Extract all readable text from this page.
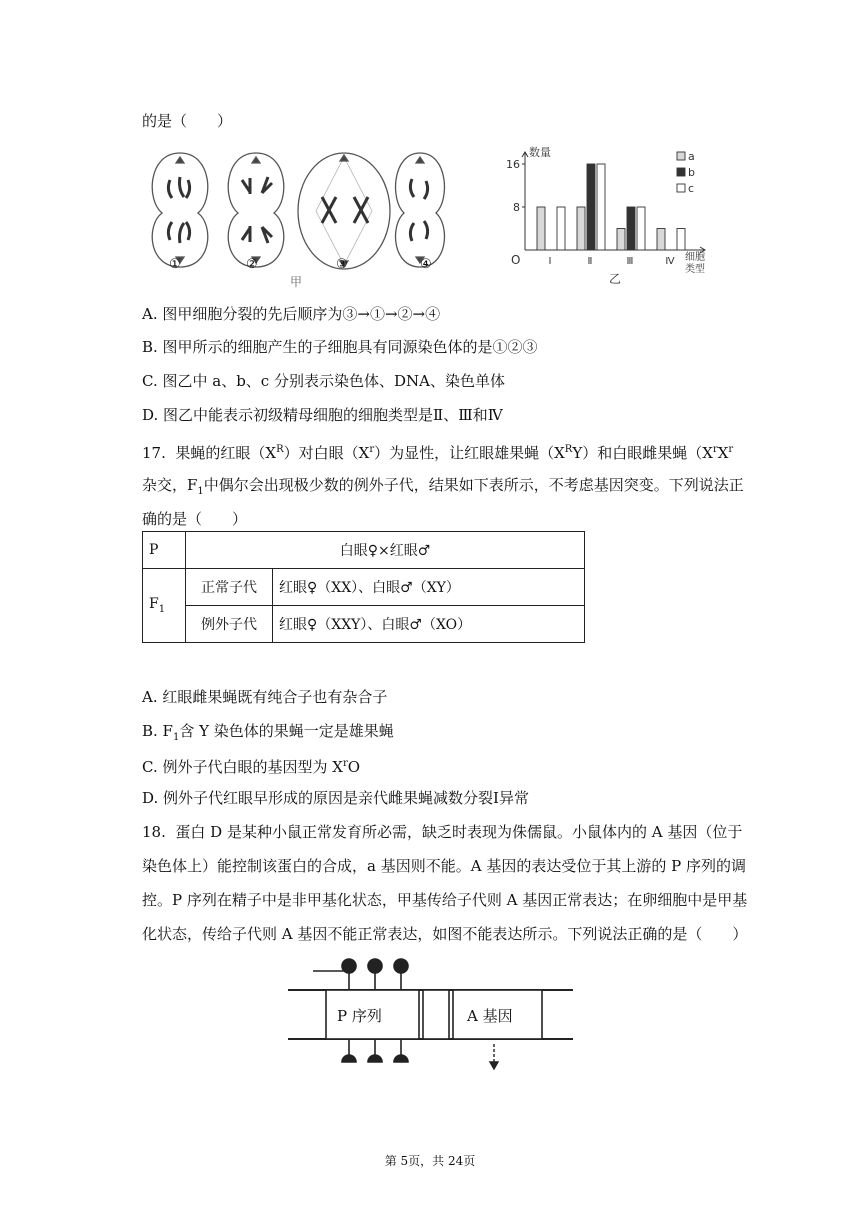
的是（　　）
①	②	③	④
甲
数量
O
8
16
Ⅰ	Ⅱ	Ⅲ	Ⅳ 细胞
类型
乙
a
b
c
A. 图甲细胞分裂的先后顺序为③→①→②→④
B. 图甲所示的细胞产生的子细胞具有同源染色体的是①②③
C. 图乙中 a、b、c 分别表示染色体、DNA、染色单体
D. 图乙中能表示初级精母细胞的细胞类型是Ⅱ、Ⅲ和Ⅳ
17. 果蝇的红眼$(X^R)$对白眼$(X^r)$为显性，让红眼雄果蝇$(X^RY)$和白眼雌果蝇（$X^rX^r$
杂交，$F_1$中偶尔会出现极少数的例外子代，结果如下表所示，不考虑基因突变。下列说法正
确的是（　　）
P	白眼♀×红眼♂	
$F_1$	正常子代	红眼♀（XX）、白眼♂（XY）
	例外子代	红眼♀（XXY）、白眼♂（XO）
A. 红眼雌果蝇既有纯合子也有杂合子
B. $F_1$含 Y 染色体的果蝇一定是雄果蝇
C. 例外子代白眼的基因型为 $X^rO$
D. 例外子代红眼早形成的原因是亲代雌果蝇减数分裂Ⅰ异常
18. 蛋白 D 是某种小鼠正常发育所必需，缺乏时表现为侏儒鼠。小鼠体内的 A 基因（位于
染色体上）能控制该蛋白的合成，a 基因则不能。A 基因的表达受位于其上游的 P 序列的调
控。P 序列在精子中是非甲基化状态，甲基传给子代则 A 基因正常表达；在卵细胞中是甲基
化状态，传给子代则 A 基因不能正常表达，如图不能表达所示。下列说法正确的是（　　）
P 序列	A 基因
第 5页，共 24页
